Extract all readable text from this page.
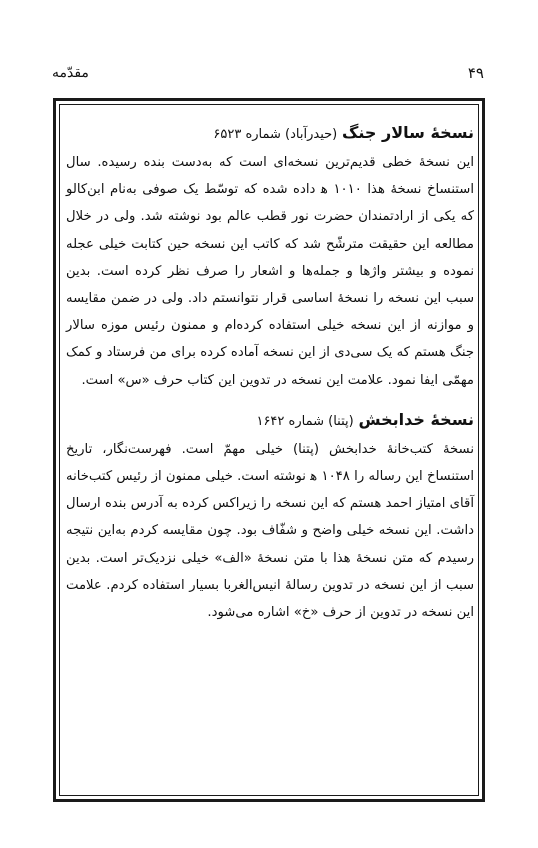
۴۹
مقدّمه

نسخهٔ سالار جنگ (حیدرآباد) شماره ۶۵۲۳

این نسخهٔ خطی قدیم‌ترین نسخه‌ای است که به‌دست بنده رسیده. سال استنساخ نسخهٔ هذا ۱۰۱۰ ﻫ داده شده که توسّط یک صوفی به‌نام ابن‌کالو که یکی از ارادتمندان حضرت نور قطب عالم بود نوشته شد. ولی در خلال مطالعه این حقیقت مترشّح شد که کاتب این نسخه حین کتابت خیلی عجله نموده و بیشتر واژها و جمله‌ها و اشعار را صرف نظر کرده است. بدین سبب این نسخه را نسخهٔ اساسی قرار نتوانستم داد. ولی در ضمن مقایسه و موازنه از این نسخه خیلی استفاده کرده‌ام و ممنون رئیس موزه سالار جنگ هستم که یک سی‌دی از این نسخه آماده کرده برای من فرستاد و کمک مهمّی ایفا نمود. علامت این نسخه در تدوین این کتاب حرف «س» است.

نسخهٔ خدابخش (پتنا) شماره ۱۶۴۲

نسخهٔ کتب‌خانهٔ خدابخش (پتنا) خیلی مهمّ است. فهرست‌نگار، تاریخ استنساخ این رساله را ۱۰۴۸ ﻫ نوشته است. خیلی ممنون از رئیس کتب‌خانه آقای امتیاز احمد هستم که این نسخه را زیراکس کرده به آدرس بنده ارسال داشت. این نسخه خیلی واضح و شفّاف بود. چون مقایسه کردم به‌این نتیجه رسیدم که متن نسخهٔ هذا با متن نسخهٔ «الف» خیلی نزدیک‌تر است. بدین سبب از این نسخه در تدوین رسالهٔ انیس‌الغربا بسیار استفاده کردم. علامت این نسخه در تدوین از حرف «خ» اشاره می‌شود.
